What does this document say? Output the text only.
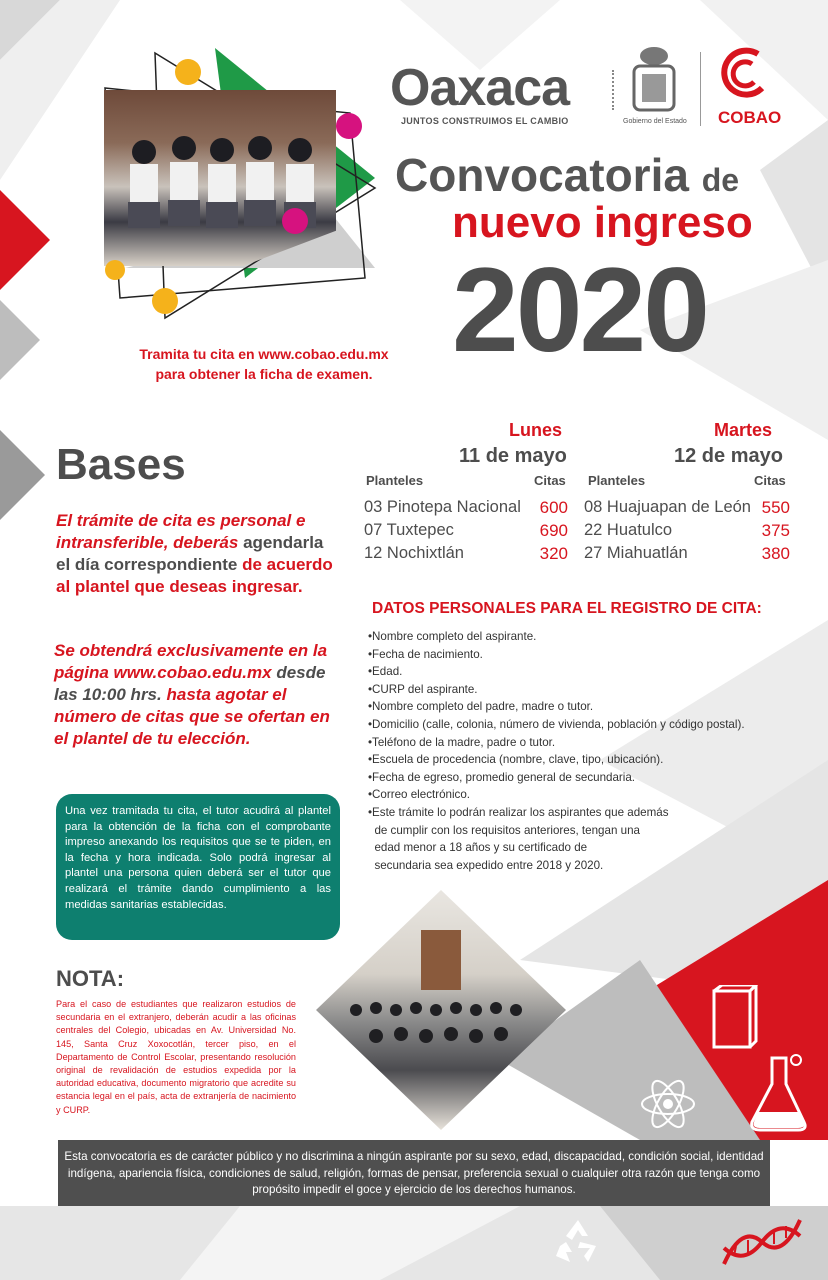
Oaxaca
JUNTOS CONSTRUIMOS EL CAMBIO	Gobierno del Estado COBAO
Convocatoria de
nuevo ingreso
2020
Tramita tu cita en www.cobao.edu.mx para obtener la ficha de examen.
Bases
El trámite de cita es personal e intransferible, deberás agendarla el día correspondiente de acuerdo al plantel que deseas ingresar.
Se obtendrá exclusivamente en la página www.cobao.edu.mx desde las 10:00 hrs. hasta agotar el número de citas que se ofertan en el plantel de tu elección.
Una vez tramitada tu cita, el tutor acudirá al plantel para la obtención de la ficha con el comprobante impreso anexando los requisitos que se te piden, en la fecha y hora indicada. Solo podrá ingresar al plantel una persona quien deberá ser el tutor que realizará el trámite dando cumplimiento a las medidas sanitarias establecidas.
NOTA:
Para el caso de estudiantes que realizaron estudios de secundaria en el extranjero, deberán acudir a las oficinas centrales del Colegio, ubicadas en Av. Universidad No. 145, Santa Cruz Xoxocotlán, tercer piso, en el Departamento de Control Escolar, presentando resolución original de revalidación de estudios expedida por la autoridad educativa, documento migratorio que acredite su estancia legal en el país, acta de extranjería de nacimiento y CURP.
Lunes
11 de mayo
Martes
12 de mayo
Planteles	Citas Planteles	Citas
03 Pinotepa Nacional	600
07 Tuxtepec	690
12 Nochixtlán	320
08 Huajuapan de León 550
22 Huatulco	375
27 Miahuatlán	380
DATOS PERSONALES PARA EL REGISTRO DE CITA:
•Nombre completo del aspirante.
•Fecha de nacimiento.
•Edad.
•CURP del aspirante.
•Nombre completo del padre, madre o tutor.
•Domicilio (calle, colonia, número de vivienda, población y código postal).
•Teléfono de la madre, padre o tutor.
•Escuela de procedencia (nombre, clave, tipo, ubicación).
•Fecha de egreso, promedio general de secundaria.
•Correo electrónico.
•Este trámite lo podrán realizar los aspirantes que además
de cumplir con los requisitos anteriores, tengan una
edad menor a 18 años y su certificado de
secundaria sea expedido entre 2018 y 2020.
Esta convocatoria es de carácter público y no discrimina a ningún aspirante por su sexo, edad, discapacidad, condición social, identidad indígena, apariencia física, condiciones de salud, religión, formas de pensar, preferencia sexual o cualquier otra razón que tenga como propósito impedir el goce y ejercicio de los derechos humanos.
